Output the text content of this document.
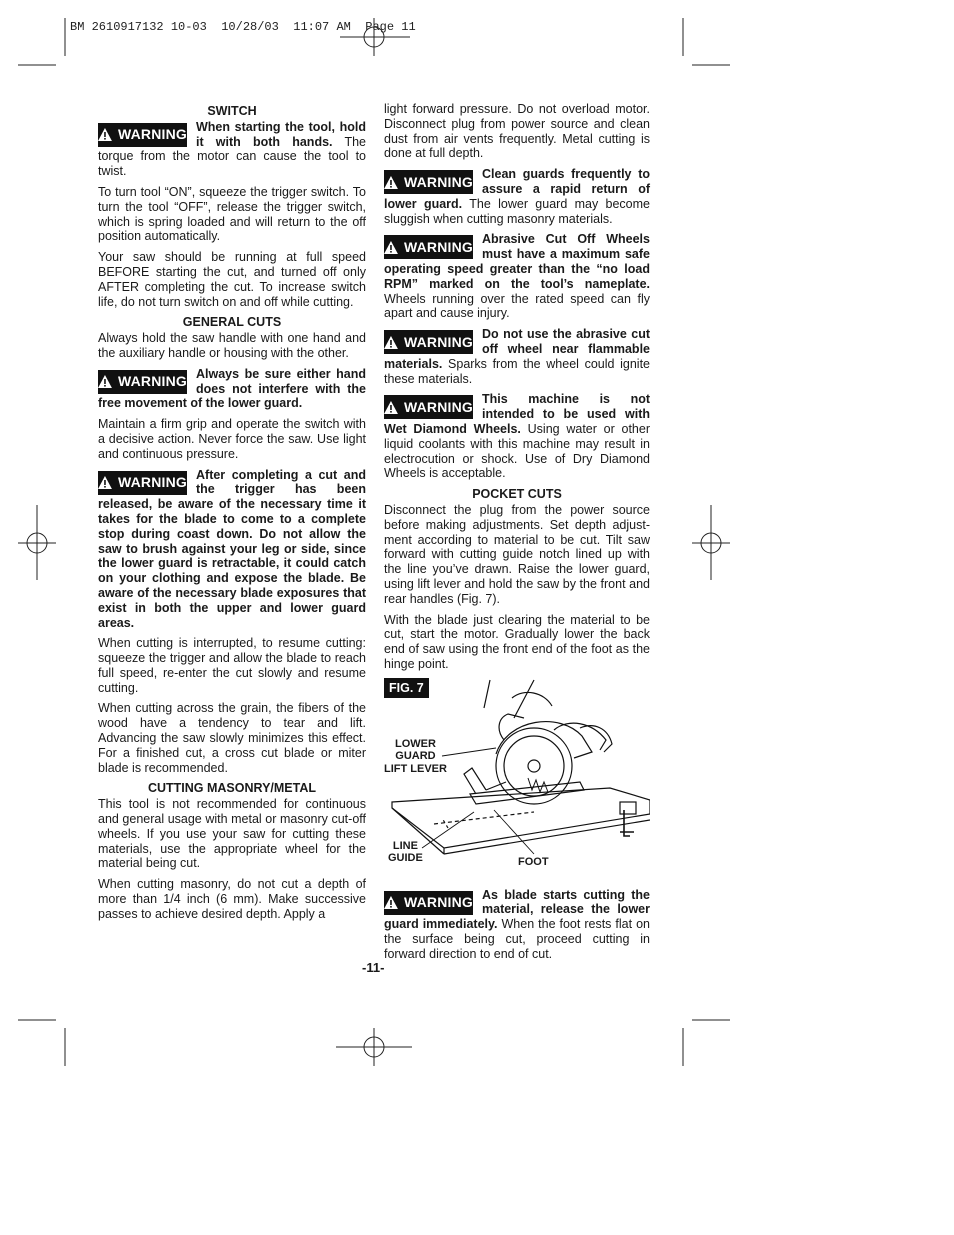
BM 2610917132 10-03  10/28/03  11:07 AM  Page 11
SWITCH
WARNING When starting the tool, hold it with both hands. The torque from the motor can cause the tool to twist.

To turn tool “ON”, squeeze the trigger switch. To turn the tool “OFF”, release the trigger switch, which is spring loaded and will return to the off position automatically.

Your saw should be running at full speed BEFORE starting the cut, and turned off only AFTER completing the cut. To increase switch life, do not turn switch on and off while cutting.

GENERAL CUTS

Always hold the saw handle with one hand and the auxiliary handle or housing with the other.

WARNING Always be sure either hand does not interfere with the free movement of the lower guard.

Maintain a firm grip and operate the switch with a decisive action. Never force the saw. Use light and continuous pressure.

WARNING After completing a cut and the trigger has been released, be aware of the necessary time it takes for the blade to come to a complete stop during coast down. Do not allow the saw to brush against your leg or side, since the lower guard is retractable, it could catch on your clothing and expose the blade. Be aware of the necessary blade exposures that exist in both the upper and lower guard areas.

When cutting is interrupted, to resume cutting: squeeze the trigger and allow the blade to reach full speed, re-enter the cut slowly and resume cutting.

When cutting across the grain, the fibers of the wood have a tendency to tear and lift. Advancing the saw slowly minimizes this effect. For a finished cut, a cross cut blade or miter blade is recommended.

CUTTING MASONRY/METAL

This tool is not recommended for continuous and general usage with metal or masonry cut-off wheels. If you use your saw for cutting these materials, use the appropriate wheel for the material being cut.

When cutting masonry, do not cut a depth of more than 1/4 inch (6 mm). Make successive passes to achieve desired depth. Apply a

light forward pressure. Do not overload motor. Disconnect plug from power source and clean dust from air vents frequently. Metal cutting is done at full depth.

WARNING Clean guards frequently to assure a rapid return of lower guard. The lower guard may become sluggish when cutting masonry materials.
WARNING Abrasive Cut Off Wheels must have a maximum safe operating speed greater than the “no load RPM” marked on the tool’s nameplate. Wheels running over the rated speed can fly apart and cause injury.
WARNING Do not use the abrasive cut off wheel near flammable materials. Sparks from the wheel could ignite these materials.
WARNING This machine is not intended to be used with Wet Diamond Wheels. Using water or other liquid coolants with this machine may result in electrocution or shock. Use of Dry Diamond Wheels is acceptable.
POCKET CUTS

Disconnect the plug from the power source before making adjustments. Set depth adjust-ment according to material to be cut. Tilt saw forward with cutting guide notch lined up with the line you’ve drawn. Raise the lower guard, using lift lever and hold the saw by the front and rear handles (Fig. 7).

With the blade just clearing the material to be cut, start the motor. Gradually lower the back end of saw using the front end of the foot as the hinge point.

FIG. 7
LOWER
GUARD
LIFT LEVER
LINE
GUIDE	FOOT
WARNING As blade starts cutting the material, release the lower guard immediately. When the foot rests flat on the surface being cut, proceed cutting in forward direction to end of cut.
-11-
